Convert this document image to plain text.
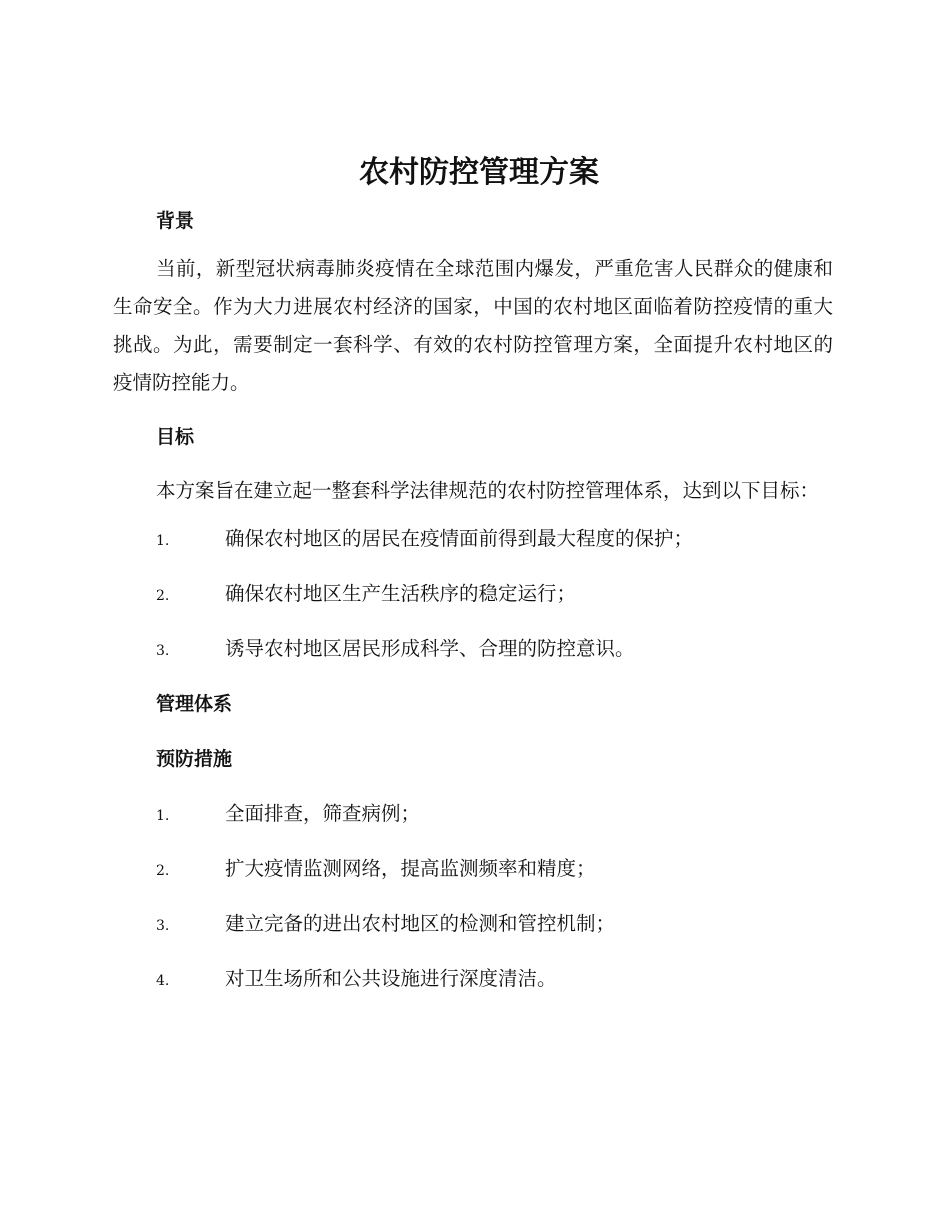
农村防控管理方案
背景

当前，新型冠状病毒肺炎疫情在全球范围内爆发，严重危害人民群众的健康和生命安全。作为大力进展农村经济的国家，中国的农村地区面临着防控疫情的重大挑战。为此，需要制定一套科学、有效的农村防控管理方案，全面提升农村地区的疫情防控能力。

目标

本方案旨在建立起一整套科学法律规范的农村防控管理体系，达到以下目标：

1.	确保农村地区的居民在疫情面前得到最大程度的保护；
2.	确保农村地区生产生活秩序的稳定运行；
3.	诱导农村地区居民形成科学、合理的防控意识。
管理体系
预防措施
1.	全面排查，筛查病例；
2.	扩大疫情监测网络，提高监测频率和精度；
3.	建立完备的进出农村地区的检测和管控机制；
4.	对卫生场所和公共设施进行深度清洁。
